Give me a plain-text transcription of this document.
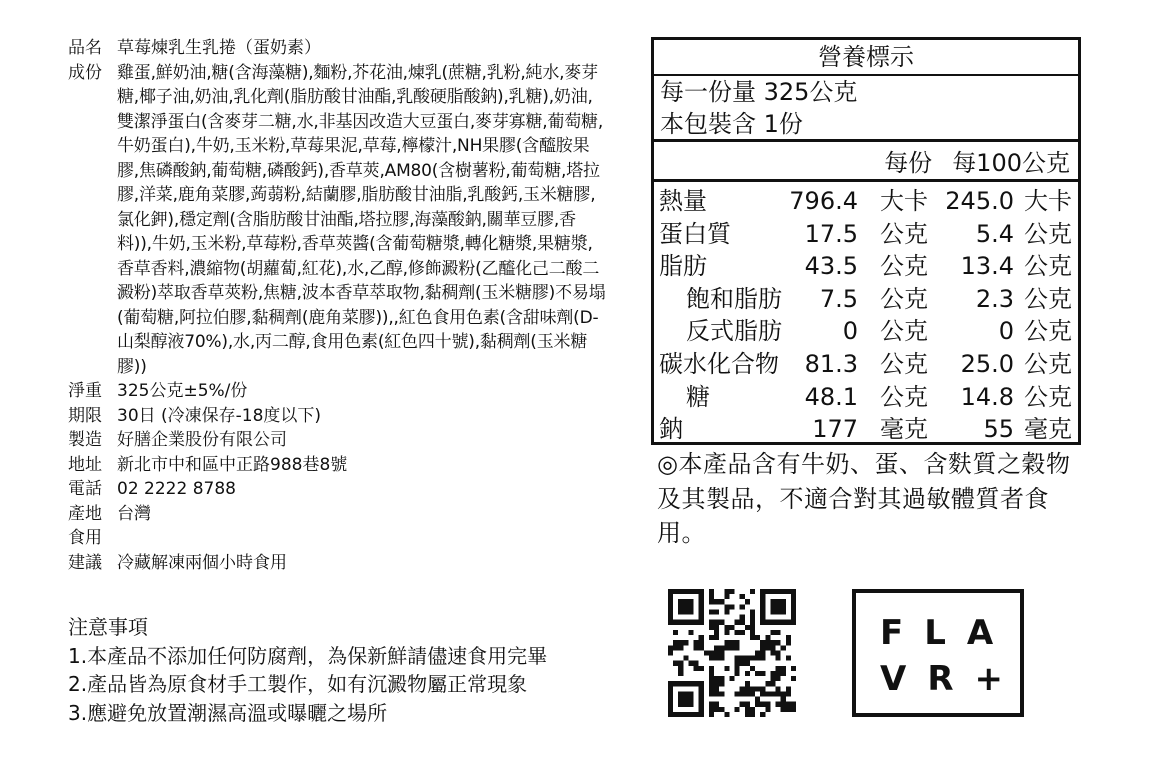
品名 草莓煉乳生乳捲（蛋奶素）
成份 雞蛋,鮮奶油,糖(含海藻糖),麵粉,芥花油,煉乳(蔗糖,乳粉,純水,麥芽糖,椰子油,奶油,乳化劑(脂肪酸甘油酯,乳酸硬脂酸鈉),乳糖),奶油,雙潔淨蛋白(含麥芽二糖,水,非基因改造大豆蛋白,麥芽寡糖,葡萄糖,牛奶蛋白),牛奶,玉米粉,草莓果泥,草莓,檸檬汁,NH果膠(含醯胺果膠,焦磷酸鈉,葡萄糖,磷酸鈣),香草莢,AM80(含樹薯粉,葡萄糖,塔拉膠,洋菜,鹿角菜膠,蒟蒻粉,結蘭膠,脂肪酸甘油脂,乳酸鈣,玉米糖膠,氯化鉀),穩定劑(含脂肪酸甘油酯,塔拉膠,海藻酸鈉,關華豆膠,香料)),牛奶,玉米粉,草莓粉,香草莢醬(含葡萄糖漿,轉化糖漿,果糖漿,香草香料,濃縮物(胡蘿蔔,紅花),水,乙醇,修飾澱粉(乙醯化己二酸二澱粉)萃取香草莢粉,焦糖,波本香草萃取物,黏稠劑(玉米糖膠)不易塌(葡萄糖,阿拉伯膠,黏稠劑(鹿角菜膠)),,紅色食用色素(含甜味劑(D-山梨醇液70%),水,丙二醇,食用色素(紅色四十號),黏稠劑(玉米糖膠))
淨重 325公克±5%/份
期限 30日 (冷凍保存-18度以下)
製造 好膳企業股份有限公司
地址 新北市中和區中正路988巷8號
電話 02 2222 8788
產地 台灣
食用
建議 冷藏解凍兩個小時食用
注意事項
1.本產品不添加任何防腐劑，為保新鮮請儘速食用完畢
2.產品皆為原食材手工製作，如有沉澱物屬正常現象
3.應避免放置潮濕高溫或曝曬之場所
營養標示
每一份量 325公克
本包裝含 1份
每份 每100公克
熱量	796.4 大卡 245.0 大卡
蛋白質	17.5 公克 5.4 公克
脂肪	43.5 公克 13.4 公克
飽和脂肪 7.5 公克 2.3 公克
反式脂肪	0 公克	0 公克
碳水化合物 81.3 公克 25.0 公克
糖	48.1 公克 14.8 公克
鈉	177 毫克 55 毫克
◎本產品含有牛奶、蛋、含麩質之穀物及其製品，不適合對其過敏體質者食用。
FLA
VR+
